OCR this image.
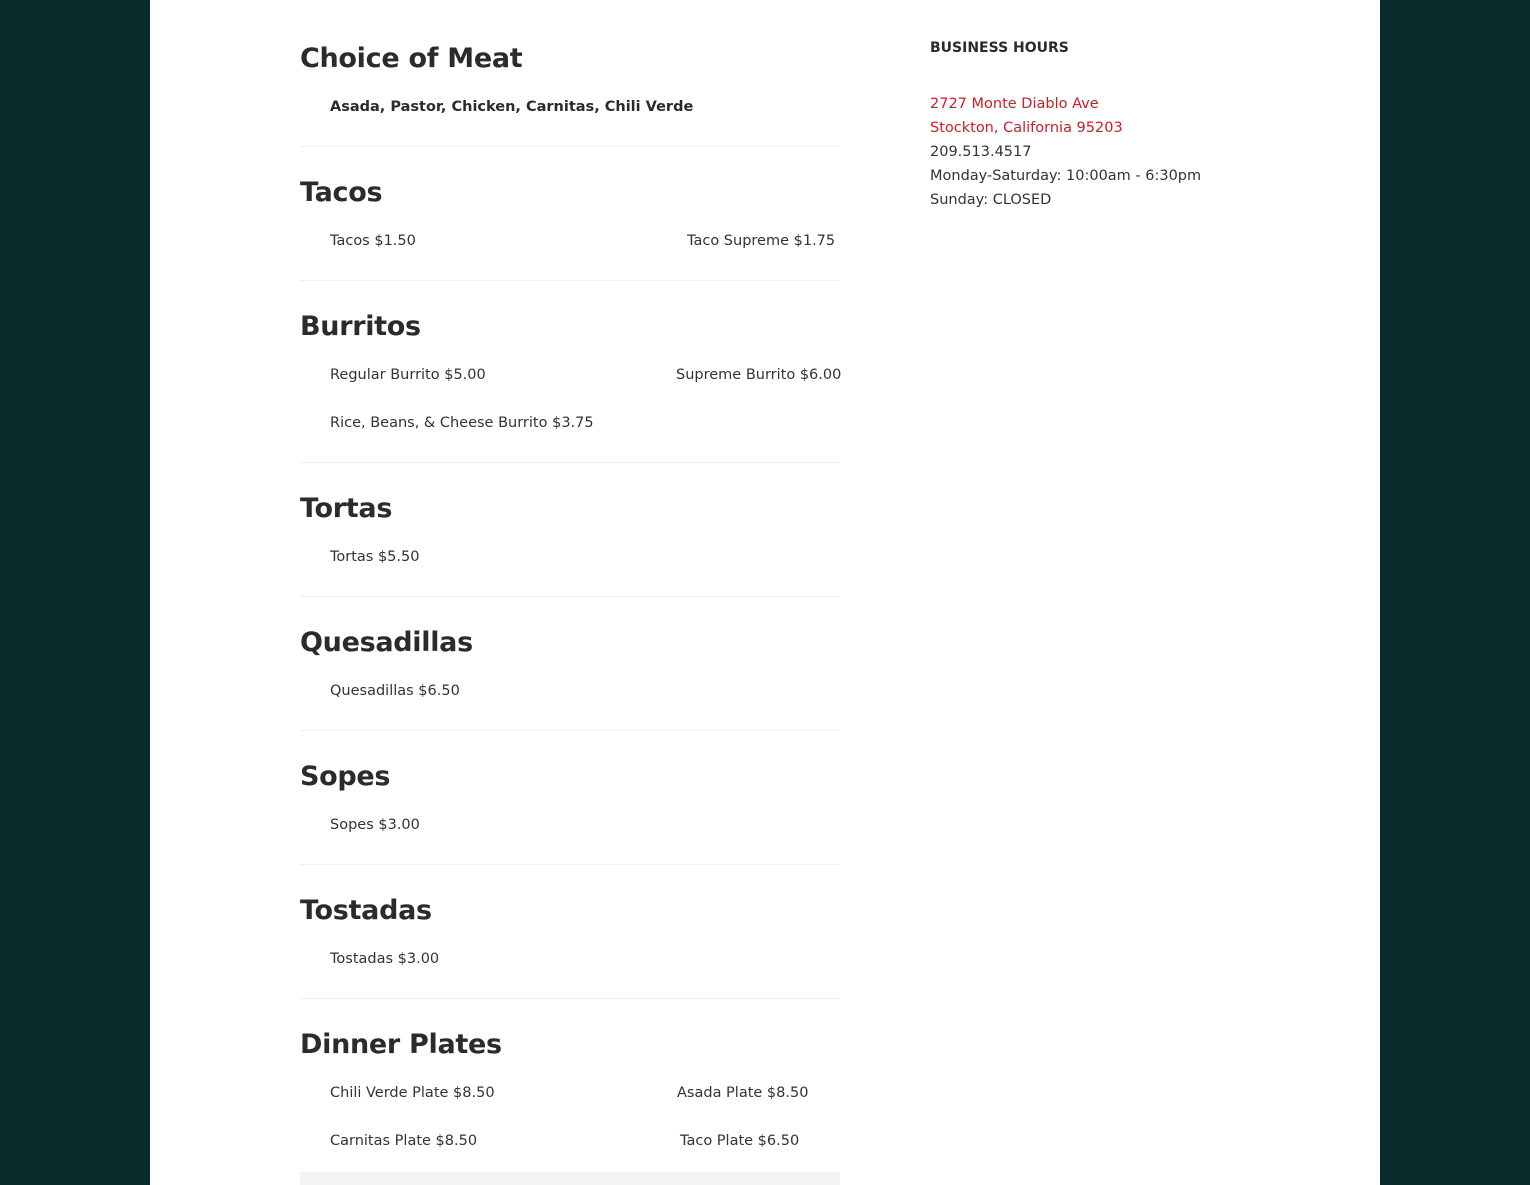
Choice of Meat
Asada, Pastor, Chicken, Carnitas, Chili Verde
Tacos
Tacos $1.50	Taco Supreme $1.75
Burritos
Regular Burrito $5.00	Supreme Burrito $6.00
Rice, Beans, & Cheese Burrito $3.75
Tortas
Tortas $5.50
Quesadillas
Quesadillas $6.50
Sopes
Sopes $3.00
Tostadas
Tostadas $3.00
Dinner Plates
Chili Verde Plate $8.50	Asada Plate $8.50
Carnitas Plate $8.50	Taco Plate $6.50
BUSINESS HOURS
2727 Monte Diablo Ave
Stockton, California 95203
209.513.4517
Monday-Saturday: 10:00am - 6:30pm
Sunday: CLOSED
